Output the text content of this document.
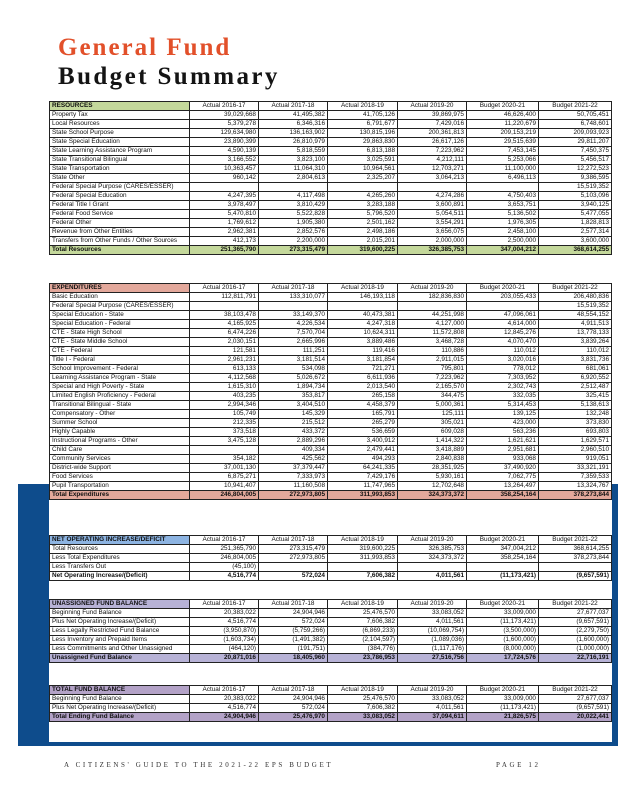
General Fund
Budget Summary
RESOURCES	Actual 2016-17	Actual 2017-18	Actual 2018-19	Actual 2019-20	Budget 2020-21	Budget 2021-22
Property Tax	39,029,668	41,495,382	41,705,126	39,869,975	46,626,400	50,705,451
Local Resources	5,379,278	6,346,316	6,791,677	7,429,016	11,220,679	6,748,601
State School Purpose	129,634,980	136,163,902	130,815,196	200,361,813	209,153,219	209,093,923
State Special Education	23,890,399	26,810,979	29,863,830	26,617,126	29,515,639	29,811,207
State Learning Assistance Program	4,590,139	5,818,559	6,813,188	7,223,962	7,453,145	7,450,375
State Transitional Bilingual	3,166,552	3,823,100	3,025,591	4,212,111	5,253,066	5,456,517
State Transportation	10,363,457	11,064,310	10,964,561	12,703,271	11,100,000	12,272,523
State Other	960,142	2,804,613	2,325,207	3,064,213	6,496,113	9,386,595
Federal Special Purpose (CARES/ESSER)						15,519,352
Federal Special Education	4,247,395	4,117,498	4,265,260	4,274,286	4,750,403	5,103,096
Federal Title I Grant	3,978,497	3,810,429	3,283,188	3,600,891	3,653,751	3,940,125
Federal Food Service	5,470,810	5,522,828	5,796,520	5,054,511	5,136,502	5,477,055
Federal Other	1,769,612	1,905,380	2,501,162	3,554,291	1,976,305	1,828,813
Revenue from Other Entities	2,962,381	2,852,576	2,498,186	3,656,075	2,458,100	2,577,314
Transfers from Other Funds / Other Sources	412,173	2,200,000	2,015,201	2,000,000	2,500,000	3,600,000
Total Resources	251,365,790	273,315,479	319,600,225	326,385,753	347,004,212	368,614,255
EXPENDITURES	Actual 2016-17	Actual 2017-18	Actual 2018-19	Actual 2019-20	Budget 2020-21	Budget 2021-22
Basic Education	112,811,791	133,310,077	146,193,118	182,836,830	203,055,433	206,480,836
Federal Special Purpose (CARES/ESSER)						15,519,352
Special Education - State	38,103,478	33,149,370	40,473,381	44,251,998	47,096,061	48,554,152
Special Education - Federal	4,165,925	4,226,534	4,247,318	4,127,000	4,614,000	4,911,513
CTE - State High School	6,474,226	7,570,704	10,624,311	11,572,808	12,845,276	13,778,133
CTE - State Middle School	2,030,151	2,665,996	3,889,486	3,468,728	4,070,470	3,839,264
CTE - Federal	121,581	111,251	119,416	110,886	110,012	110,012
Title I - Federal	2,961,231	3,181,514	3,181,854	2,911,015	3,020,016	3,831,736
School Improvement - Federal	613,133	534,098	721,271	795,801	778,012	681,061
Learning Assistance Program - State	4,112,568	5,026,672	6,611,936	7,223,962	7,303,952	6,920,552
Special and High Poverty - State	1,615,310	1,894,734	2,013,540	2,165,570	2,302,743	2,512,487
Limited English Proficiency - Federal	403,235	353,817	265,158	344,475	332,035	325,415
Transitional Bilingual - State	2,994,346	3,404,510	4,458,379	5,000,361	5,314,453	5,138,613
Compensatory - Other	105,749	145,329	165,791	125,111	139,125	132,248
Summer School	212,335	215,512	265,279	305,021	423,000	373,830
Highly Capable	373,518	433,372	536,659	609,028	563,236	693,803
Instructional Programs - Other	3,475,128	2,889,296	3,400,912	1,414,322	1,621,621	1,629,571
Child Care		409,334	2,479,441	3,418,889	2,951,681	2,960,510
Community Services	354,182	425,562	494,293	2,840,838	933,068	919,051
District-wide Support	37,001,130	37,379,447	64,241,335	28,351,925	37,490,920	33,321,191
Food Services	6,875,271	7,333,973	7,429,176	5,930,161	7,062,775	7,359,533
Pupil Transportation	10,941,407	11,160,508	11,747,965	12,702,648	13,264,497	13,324,767
Total Expenditures	246,804,005	272,973,805	311,993,853	324,373,372	358,254,164	378,273,844
NET OPERATING INCREASE/DEFICIT	Actual 2016-17	Actual 2017-18	Actual 2018-19	Actual 2019-20	Budget 2020-21	Budget 2021-22
Total Resources	251,365,790	273,315,479	319,600,225	326,385,753	347,004,212	368,614,255
Less Total Expenditures	246,804,005	272,973,805	311,993,853	324,373,372	358,254,164	378,273,844
Less Transfers Out	(45,100)					
Net Operating Increase/(Deficit)	4,516,774	572,024	7,606,382	4,011,561	(11,173,421)	(9,657,591)
UNASSIGNED FUND BALANCE	Actual 2016-17	Actual 2017-18	Actual 2018-19	Actual 2019-20	Budget 2020-21	Budget 2021-22
Beginning Fund Balance	20,383,022	24,904,946	25,476,570	33,083,052	33,009,000	27,677,037
Plus Net Operating Increase/(Deficit)	4,516,774	572,024	7,606,382	4,011,561	(11,173,421)	(9,657,591)
Less Legally Restricted Fund Balance	(3,950,870)	(5,759,266)	(6,869,233)	(10,069,754)	(3,500,000)	(2,279,750)
Less Inventory and Prepaid Items	(1,603,734)	(1,491,382)	(2,104,597)	(1,089,036)	(1,600,000)	(1,600,000)
Less Commitments and Other Unassigned	(464,120)	(191,751)	(384,776)	(1,117,176)	(8,000,000)	(1,000,000)
Unassigned Fund Balance	20,871,016	18,405,960	23,786,953	27,516,756	17,724,576	22,716,191
TOTAL FUND BALANCE	Actual 2016-17	Actual 2017-18	Actual 2018-19	Actual 2019-20	Budget 2020-21	Budget 2021-22
Beginning Fund Balance	20,383,022	24,904,946	25,476,570	33,083,052	33,009,000	27,677,037
Plus Net Operating Increase/(Deficit)	4,516,774	572,024	7,606,382	4,011,561	(11,173,421)	(9,657,591)
Total Ending Fund Balance	24,904,946	25,476,970	33,083,052	37,094,611	21,826,575	20,022,441
A CITIZENS' GUIDE TO THE 2021-22 EPS BUDGET	PAGE 12
